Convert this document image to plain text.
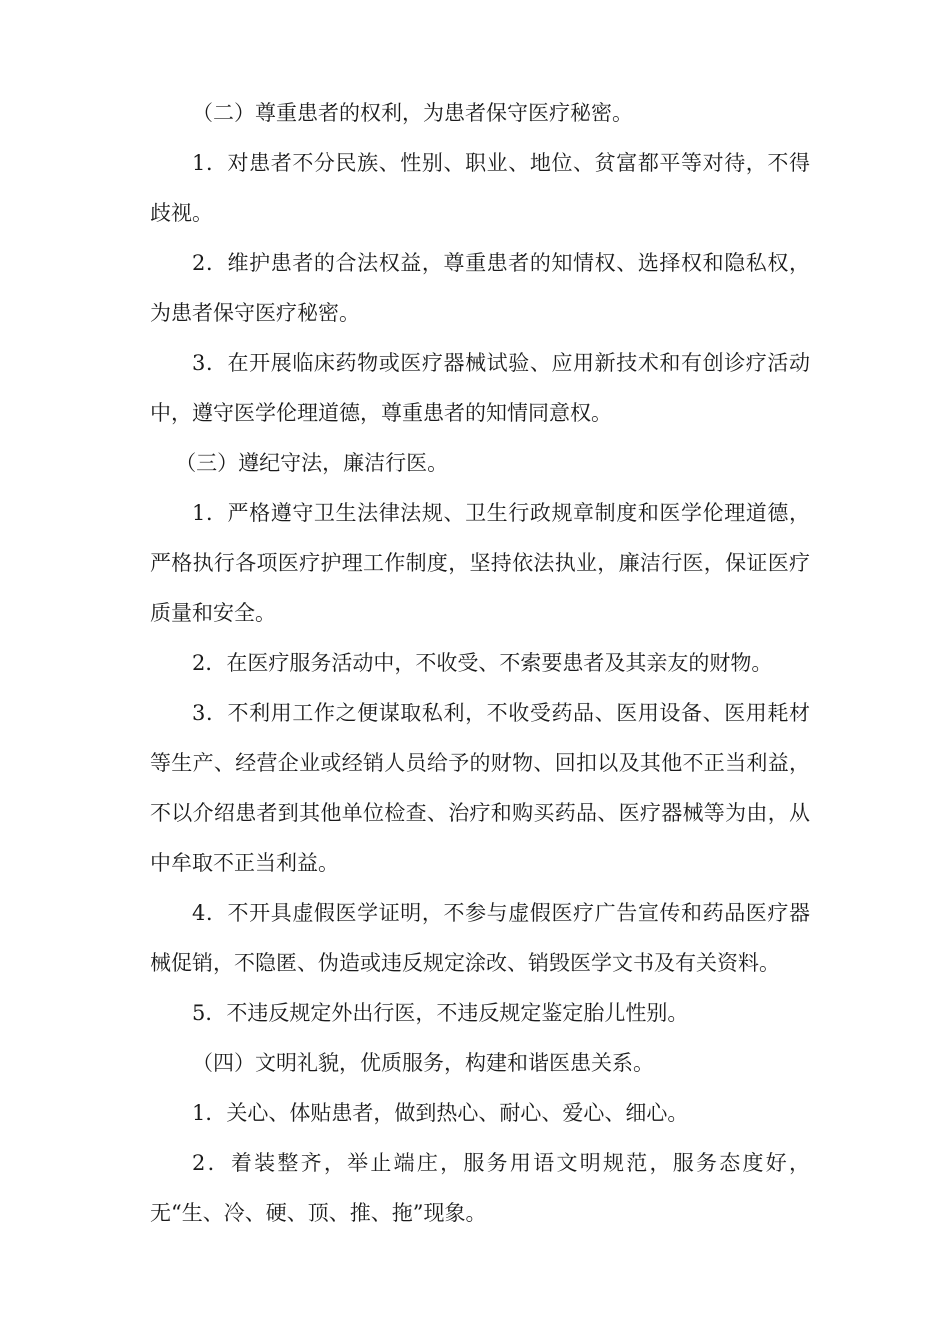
（二）尊重患者的权利，为患者保守医疗秘密。

1．对患者不分民族、性别、职业、地位、贫富都平等对待，不得歧视。

2．维护患者的合法权益，尊重患者的知情权、选择权和隐私权，为患者保守医疗秘密。

3．在开展临床药物或医疗器械试验、应用新技术和有创诊疗活动中，遵守医学伦理道德，尊重患者的知情同意权。

（三）遵纪守法，廉洁行医。

1．严格遵守卫生法律法规、卫生行政规章制度和医学伦理道德，严格执行各项医疗护理工作制度，坚持依法执业，廉洁行医，保证医疗质量和安全。

2．在医疗服务活动中，不收受、不索要患者及其亲友的财物。

3．不利用工作之便谋取私利，不收受药品、医用设备、医用耗材等生产、经营企业或经销人员给予的财物、回扣以及其他不正当利益，不以介绍患者到其他单位检查、治疗和购买药品、医疗器械等为由，从中牟取不正当利益。

4．不开具虚假医学证明，不参与虚假医疗广告宣传和药品医疗器械促销，不隐匿、伪造或违反规定涂改、销毁医学文书及有关资料。

5．不违反规定外出行医，不违反规定鉴定胎儿性别。

（四）文明礼貌，优质服务，构建和谐医患关系。

1．关心、体贴患者，做到热心、耐心、爱心、细心。

2．着装整齐，举止端庄，服务用语文明规范，服务态度好，无“生、冷、硬、顶、推、拖”现象。
